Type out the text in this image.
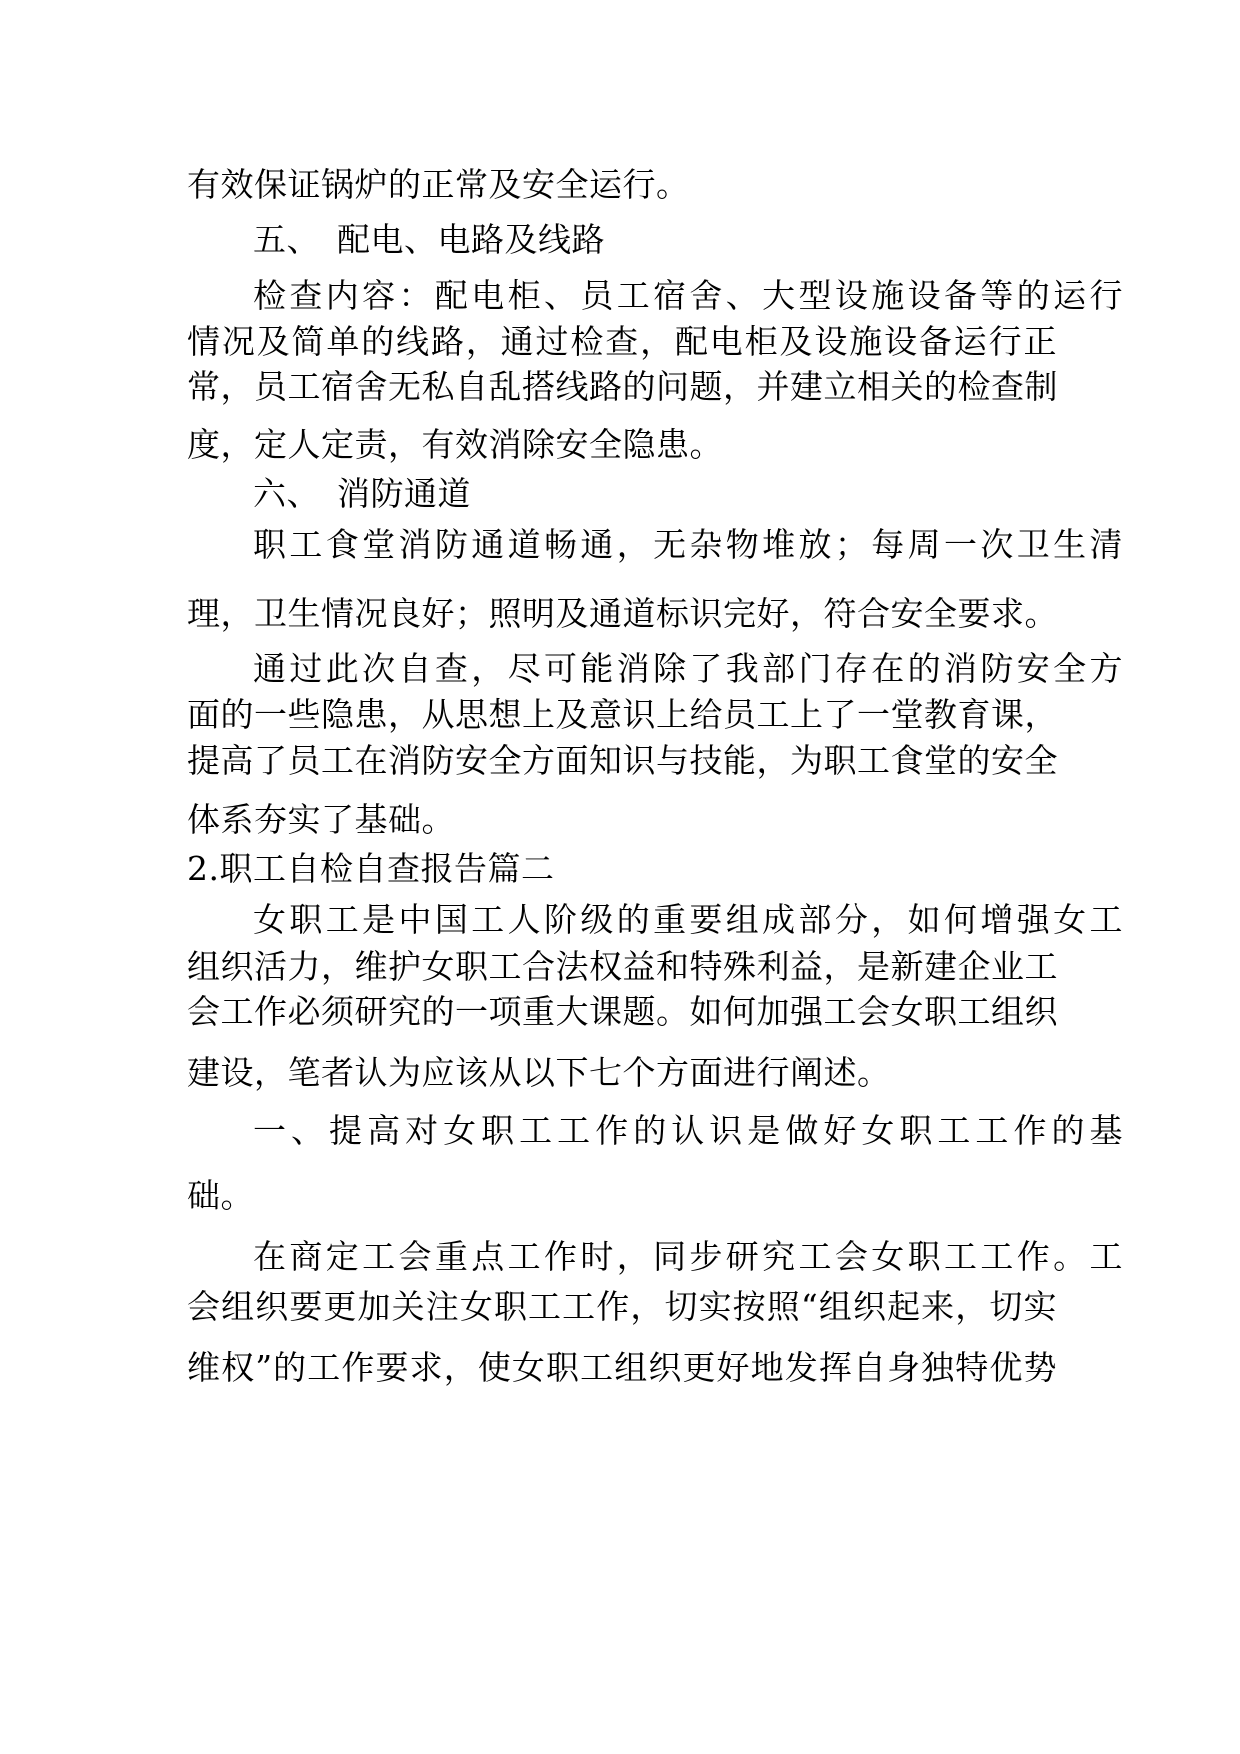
有效保证锅炉的正常及安全运行。
五、　配电、电路及线路
检查内容：配电柜、员工宿舍、大型设施设备等的运行
情况及简单的线路，通过检查，配电柜及设施设备运行正
常，员工宿舍无私自乱搭线路的问题，并建立相关的检查制
度，定人定责，有效消除安全隐患。
六、　消防通道
职工食堂消防通道畅通，无杂物堆放；每周一次卫生清
理，卫生情况良好；照明及通道标识完好，符合安全要求。
通过此次自查，尽可能消除了我部门存在的消防安全方
面的一些隐患，从思想上及意识上给员工上了一堂教育课，
提高了员工在消防安全方面知识与技能，为职工食堂的安全
体系夯实了基础。
2.职工自检自查报告篇二
女职工是中国工人阶级的重要组成部分，如何增强女工
组织活力，维护女职工合法权益和特殊利益，是新建企业工
会工作必须研究的一项重大课题。如何加强工会女职工组织
建设，笔者认为应该从以下七个方面进行阐述。
一、提高对女职工工作的认识是做好女职工工作的基
础。
在商定工会重点工作时，同步研究工会女职工工作。工
会组织要更加关注女职工工作，切实按照“组织起来，切实
维权”的工作要求，使女职工组织更好地发挥自身独特优势
